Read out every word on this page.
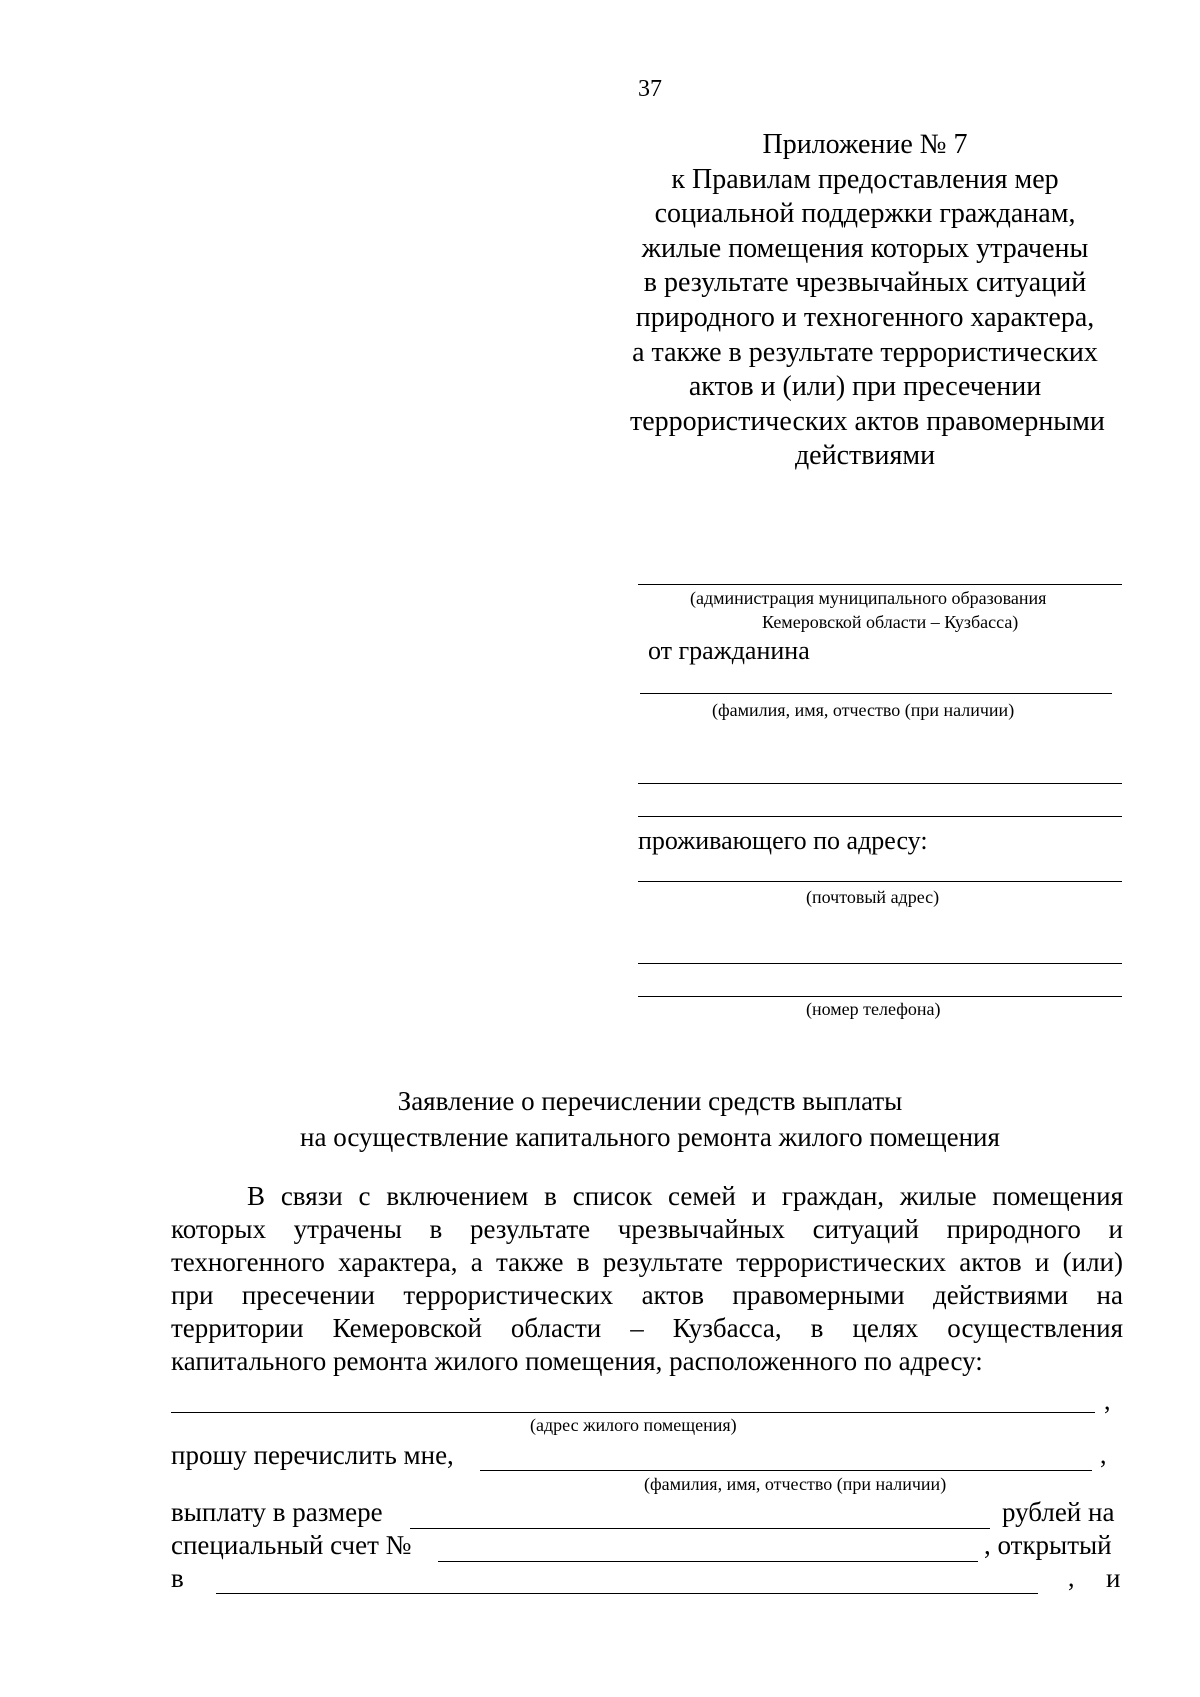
37
Приложение № 7
к Правилам предоставления мер
социальной поддержки гражданам,
жилые помещения которых утрачены
в результате чрезвычайных ситуаций
природного и техногенного характера,
а также в результате террористических
актов и (или) при пресечении
террористических актов правомерными
действиями
(администрация муниципального образования
Кемеровской области – Кузбасса)
от гражданина
(фамилия, имя, отчество (при наличии)
проживающего по адресу:
(почтовый адрес)
(номер телефона)
Заявление о перечислении средств выплаты
на осуществление капитального ремонта жилого помещения
В связи с включением в список семей и граждан, жилые помещения
которых утрачены в результате чрезвычайных ситуаций природного и
техногенного характера, а также в результате террористических актов и (или)
при пресечении террористических актов правомерными действиями на
территории Кемеровской области – Кузбасса, в целях осуществления
капитального ремонта жилого помещения, расположенного по адресу:
,
(адрес жилого помещения)
прошу перечислить мне,	,
(фамилия, имя, отчество (при наличии)
выплату в размере	рублей на
специальный счет №	, открытый
в	, и
